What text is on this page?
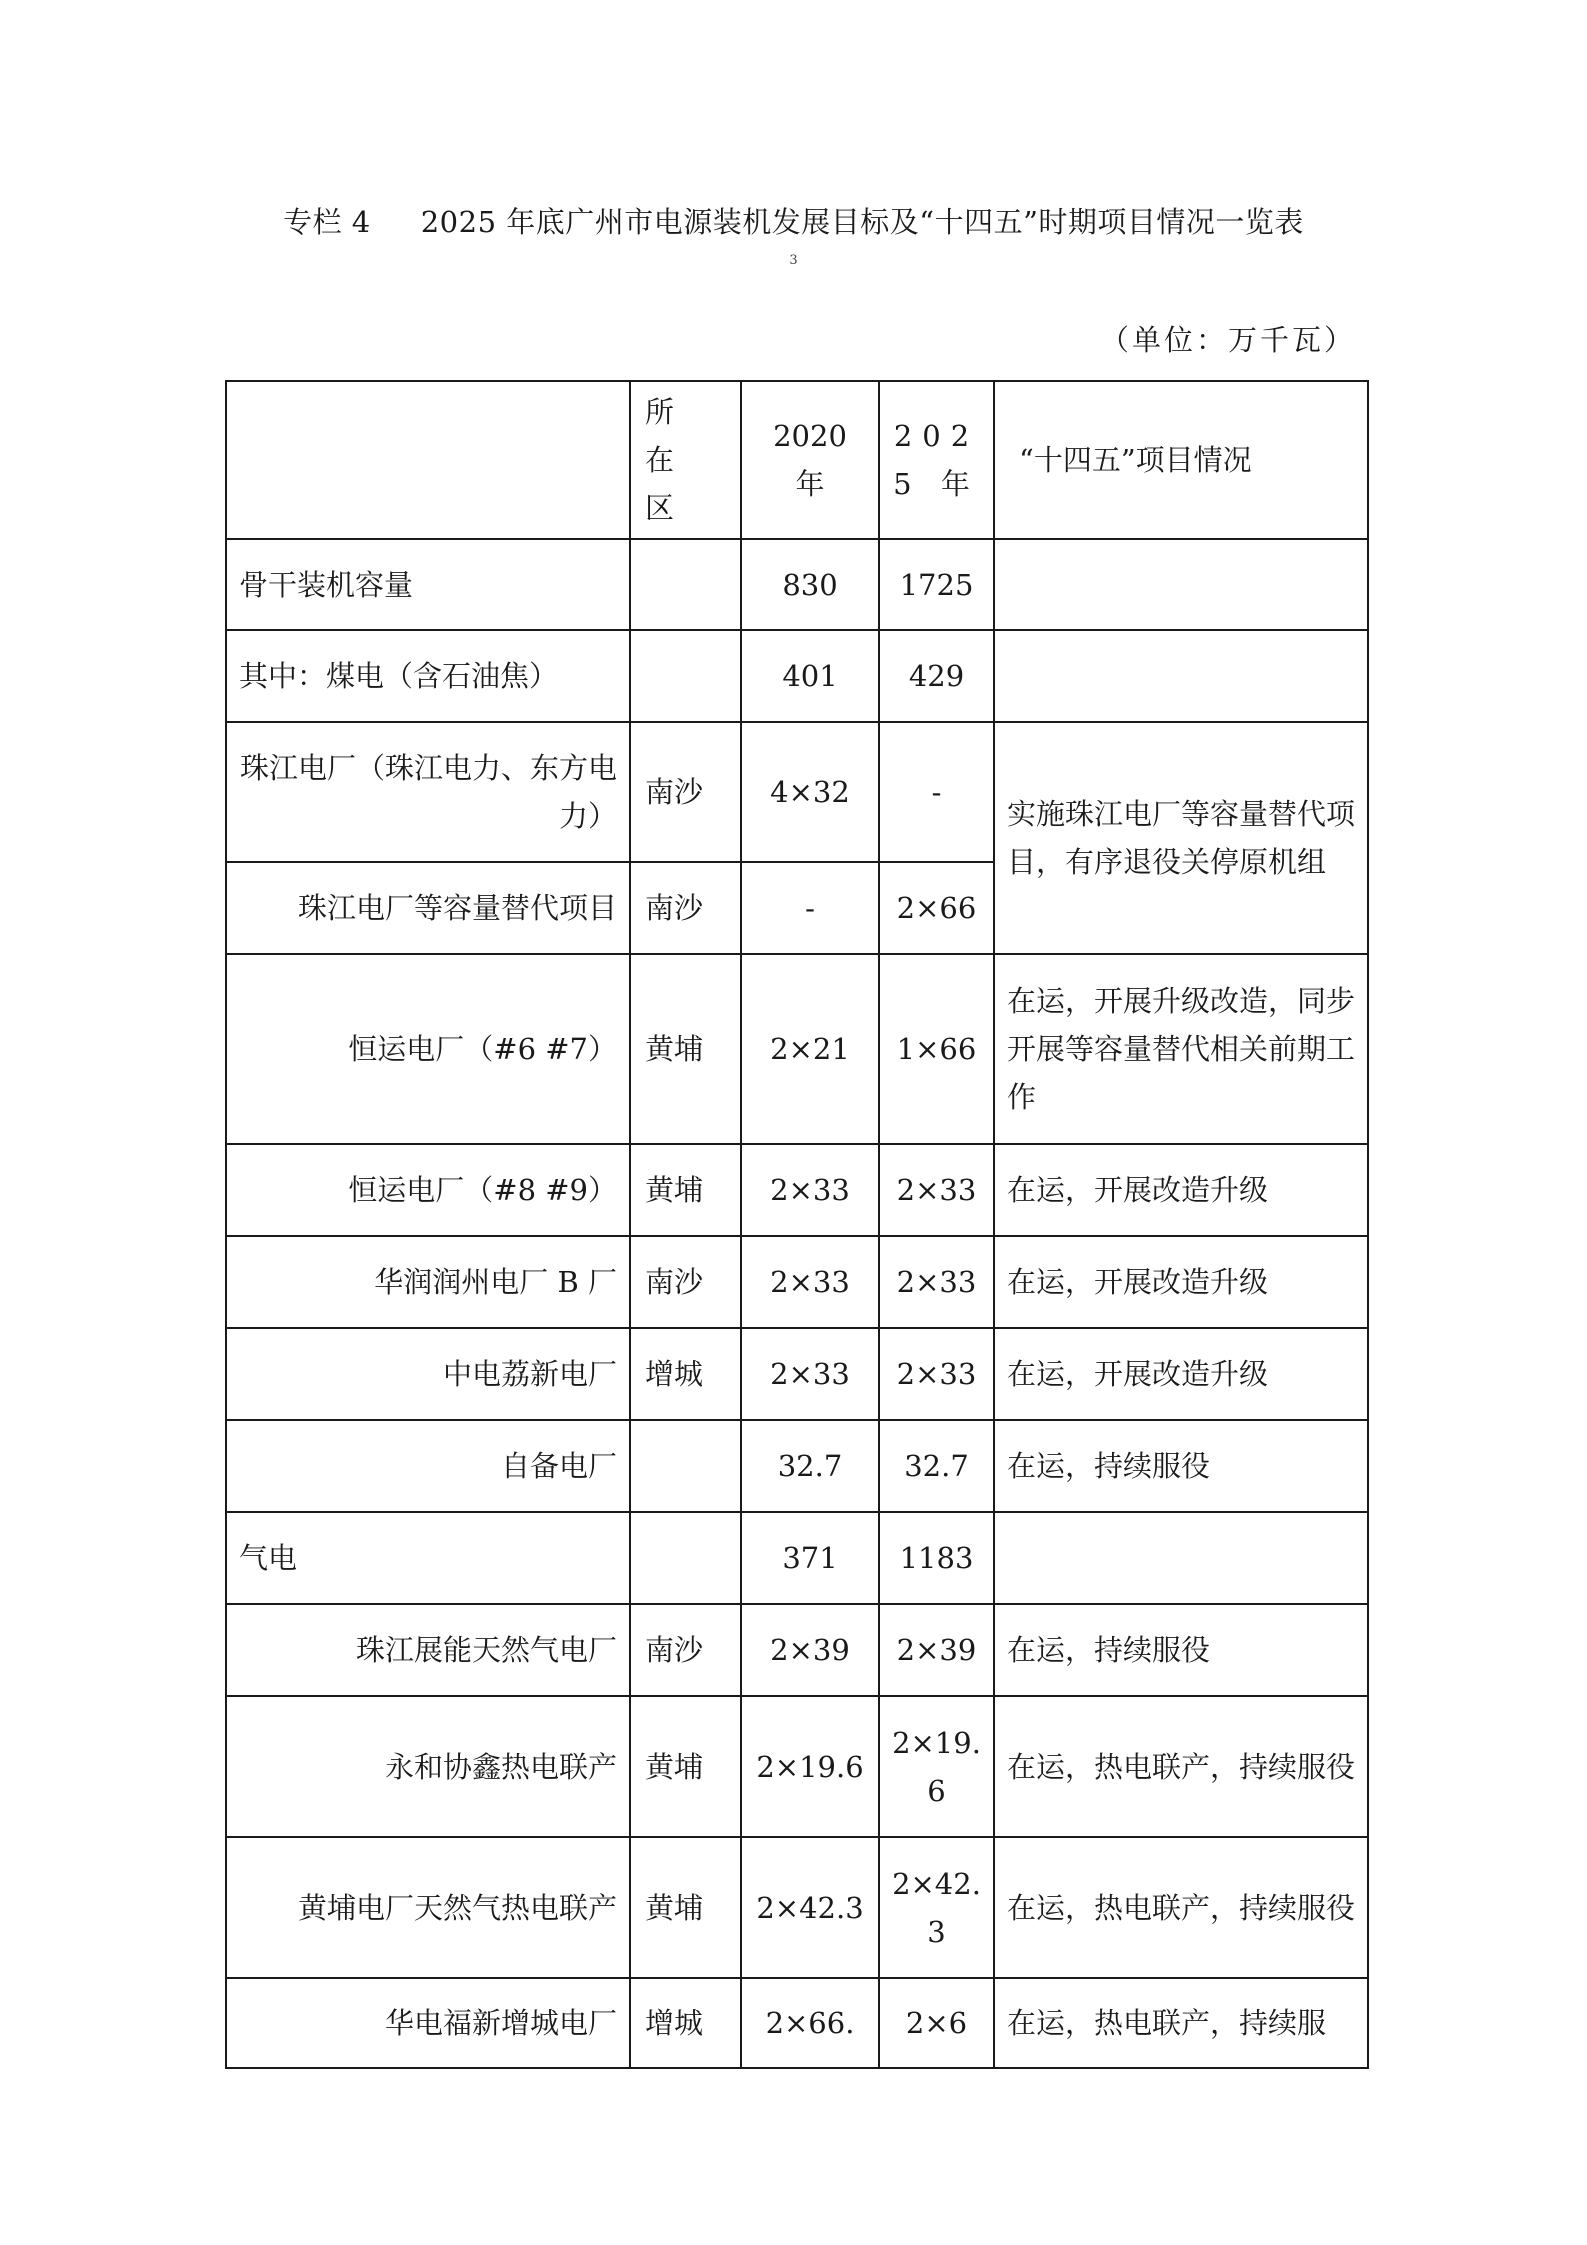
专栏 4 2025 年底广州市电源装机发展目标及“十四五”时期项目情况一览表
3
（单位：万千瓦）
	所 在区	2020 年	2025 年	“十四五”项目情况
骨干装机容量		830	1725	
其中：煤电（含石油焦）		401	429	
珠江电厂（珠江电力、东方电力）	南沙	4×32	-	实施珠江电厂等容量替代项目，有序退役关停原机组
珠江电厂等容量替代项目	南沙	-	2×66	
恒运电厂（#6 #7）	黄埔	2×21	1×66	在运，开展升级改造，同步开展等容量替代相关前期工作
恒运电厂（#8 #9）	黄埔	2×33	2×33	在运，开展改造升级
华润润州电厂 B 厂	南沙	2×33	2×33	在运，开展改造升级
中电荔新电厂	增城	2×33	2×33	在运，开展改造升级
自备电厂		32.7	32.7	在运，持续服役
气电		371	1183	
珠江展能天然气电厂	南沙	2×39	2×39	在运，持续服役
永和协鑫热电联产	黄埔	2×19.6	2×19.6	在运，热电联产，持续服役
黄埔电厂天然气热电联产	黄埔	2×42.3	2×42.3	在运，热电联产，持续服役
华电福新增城电厂	增城	2×66.	2×6	在运，热电联产，持续服
